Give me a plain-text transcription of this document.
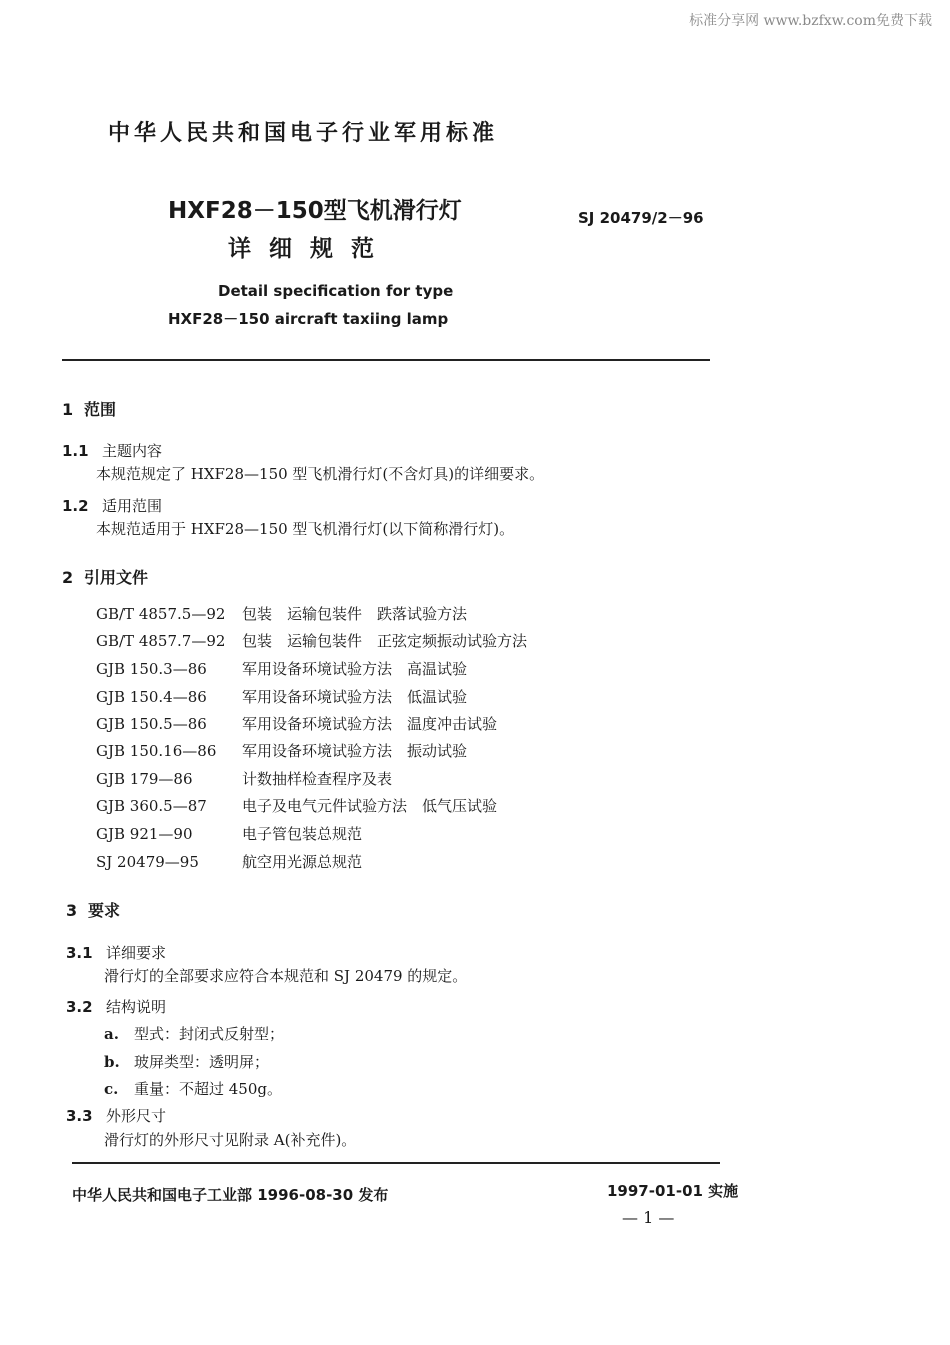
标准分享网 www.bzfxw.com免费下载
中华人民共和国电子行业军用标准
HXF28－150型飞机滑行灯
详细规范
SJ 20479/2－96
Detail specification for type
HXF28－150 aircraft taxiing lamp
1 范围
1.1 主题内容
本规范规定了 HXF28—150 型飞机滑行灯(不含灯具)的详细要求。
1.2 适用范围
本规范适用于 HXF28—150 型飞机滑行灯(以下简称滑行灯)。
2 引用文件
GB/T 4857.5—92 包装　运输包装件　跌落试验方法
GB/T 4857.7—92 包装　运输包装件　正弦定频振动试验方法
GJB 150.3—86 军用设备环境试验方法　高温试验
GJB 150.4—86 军用设备环境试验方法　低温试验
GJB 150.5—86 军用设备环境试验方法　温度冲击试验
GJB 150.16—86 军用设备环境试验方法　振动试验
GJB 179—86	计数抽样检查程序及表
GJB 360.5—87 电子及电气元件试验方法　低气压试验
GJB 921—90	电子管包装总规范
SJ 20479—95	航空用光源总规范
3 要求
3.1 详细要求
滑行灯的全部要求应符合本规范和 SJ 20479 的规定。
3.2 结构说明
a. 型式：封闭式反射型；
b. 玻屏类型：透明屏；
c. 重量：不超过 450g。
3.3 外形尺寸
滑行灯的外形尺寸见附录 A(补充件)。
中华人民共和国电子工业部 1996-08-30 发布	1997-01-01 实施
— 1 —
